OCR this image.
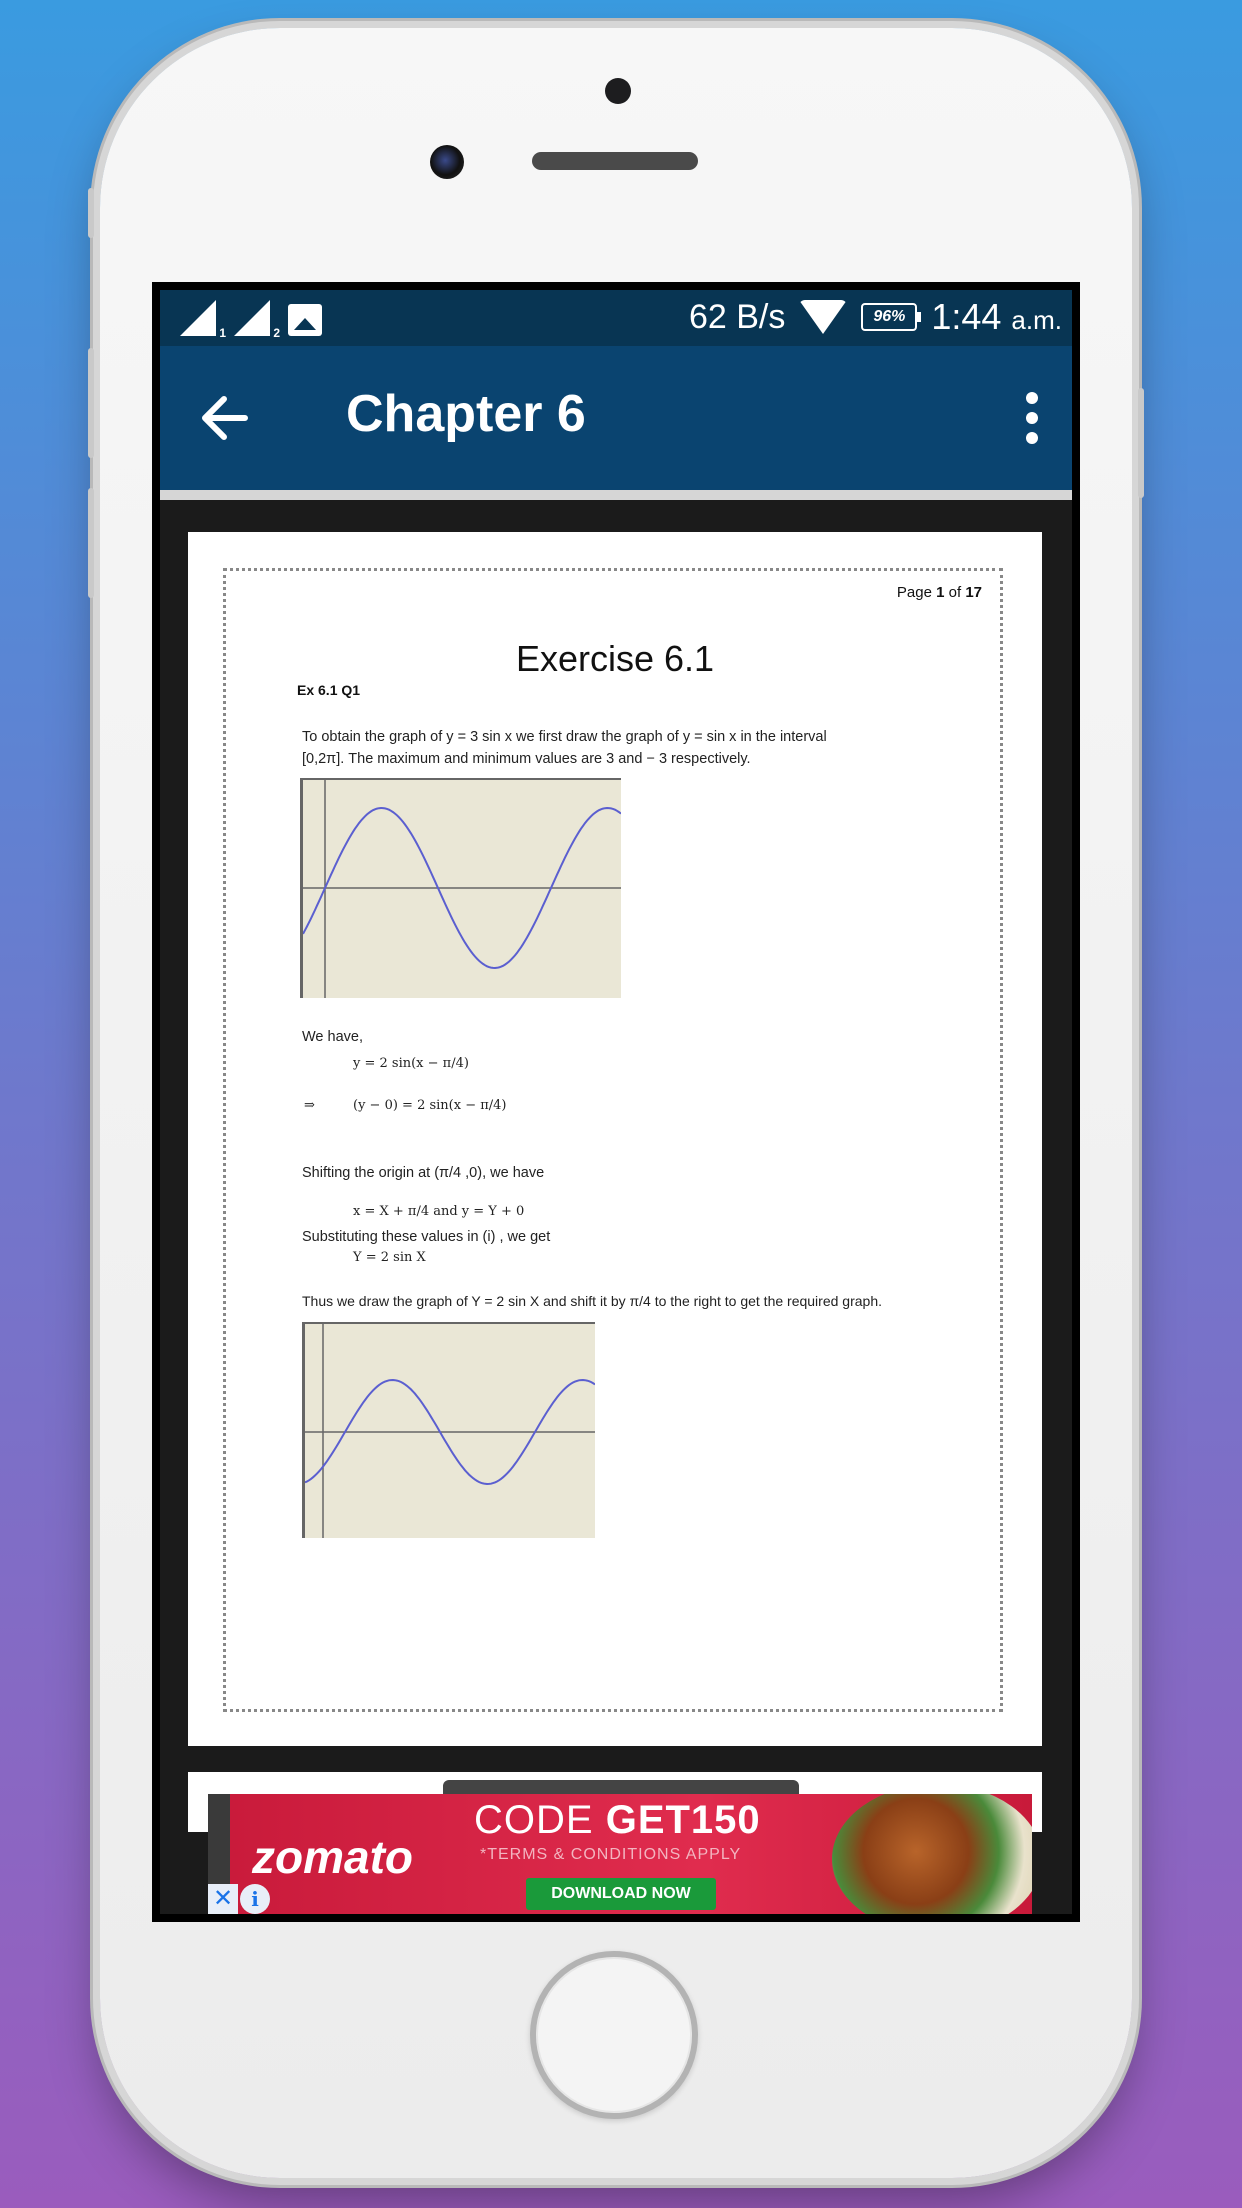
1	2	62 B/s	96% 1:44 a.m.
Chapter 6
Page 1 of 17
Exercise 6.1
Ex 6.1 Q1
To obtain the graph of y = 3 sin x we first draw the graph of y = sin x in the interval
[0,2π]. The maximum and minimum values are 3 and − 3 respectively.
We have,
y = 2 sin(x − π/4)
⇒	(y − 0) = 2 sin(x − π/4)
Shifting the origin at (π/4 ,0), we have
x = X + π/4 and y = Y + 0
Substituting these values in (i) , we get
Y = 2 sin X
Thus we draw the graph of Y = 2 sin X and shift it by π/4 to the right to get the required graph.
zomato
CODE GET150
*TERMS & CONDITIONS APPLY
DOWNLOAD NOW
✕ i
